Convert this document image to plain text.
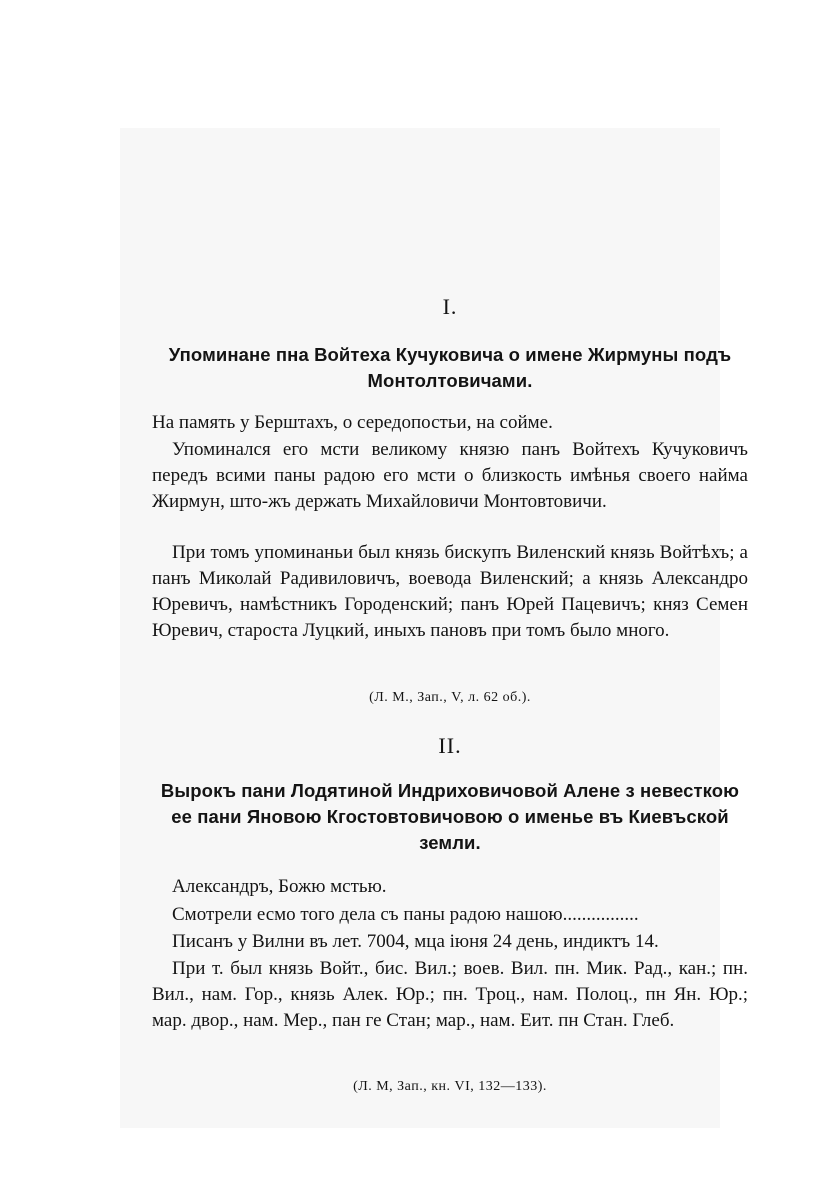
I.
Упоминане пна Войтеха Кучуковича о имене Жирмуны подъ Монтолтовичами.
На память у Берштахъ, о середопостьи, на сойме.
Упоминался его мсти великому князю панъ Войтехъ Кучуковичъ передъ всими паны радою его мсти о близкость имѣнья своего найма Жирмун, што-жъ держать Михайловичи Монтовтовичи.
При томъ упоминаньи был князь бискупъ Виленский князь Войтѣхъ; а панъ Миколай Радивиловичъ, воевода Виленский; а князь Александро Юревичъ, намѣстникъ Городенский; панъ Юрей Пацевичъ; княз Семен Юревич, староста Луцкий, иныхъ пановъ при томъ было много.
(Л. М., Зап., V, л. 62 об.).
II.
Вырокъ пани Лодятиной Индриховичовой Алене з невесткою ее пани Яновою Кгостовтовичовою о именье въ Киевъской земли.
Александръ, Божю мстью.
Смотрели есмо того дела съ паны радою нашою................
Писанъ у Вилни въ лет. 7004, мца iюня 24 день, индиктъ 14.
При т. был князь Войт., бис. Вил.; воев. Вил. пн. Мик. Рад., кан.; пн. Вил., нам. Гор., князь Алек. Юр.; пн. Троц., нам. Полоц., пн Ян. Юр.; мар. двор., нам. Мер., пан ге Стан; мар., нам. Еит. пн Стан. Глеб.
(Л. М, Зап., кн. VI, 132—133).
